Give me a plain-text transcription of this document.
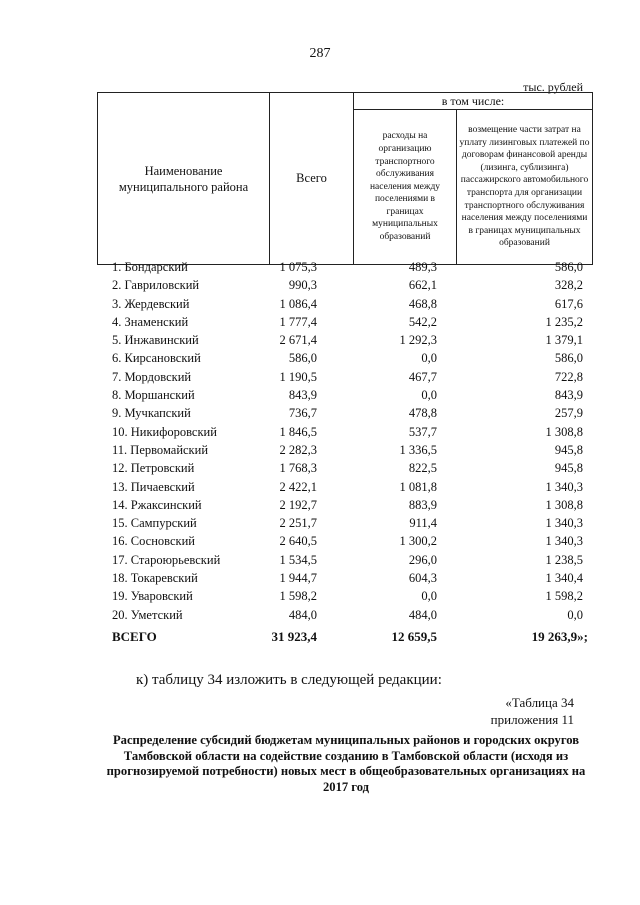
287
тыс. рублей
Наименование муниципального района	Всего	в том числе:	
		расходы на организацию транспортного обслуживания населения между поселениями в границах муниципальных образований	возмещение части затрат на уплату лизинговых платежей по договорам финансовой аренды (лизинга, сублизинга) пассажирского автомобильного транспорта для организации транспортного обслуживания населения между поселениями в границах муниципальных образований
1. Бондарский	1 075,3	489,3	586,0
2. Гавриловский	990,3	662,1	328,2
3. Жердевский	1 086,4	468,8	617,6
4. Знаменский	1 777,4	542,2	1 235,2
5. Инжавинский	2 671,4	1 292,3	1 379,1
6. Кирсановский	586,0	0,0	586,0
7. Мордовский	1 190,5	467,7	722,8
8. Моршанский	843,9	0,0	843,9
9. Мучкапский	736,7	478,8	257,9
10. Никифоровский	1 846,5	537,7	1 308,8
11. Первомайский	2 282,3	1 336,5	945,8
12. Петровский	1 768,3	822,5	945,8
13. Пичаевский	2 422,1	1 081,8	1 340,3
14. Ржаксинский	2 192,7	883,9	1 308,8
15. Сампурский	2 251,7	911,4	1 340,3
16. Сосновский	2 640,5	1 300,2	1 340,3
17. Староюрьевский	1 534,5	296,0	1 238,5
18. Токаревский	1 944,7	604,3	1 340,4
19. Уваровский	1 598,2	0,0	1 598,2
20. Уметский	484,0	484,0	0,0
ВСЕГО	31 923,4	12 659,5	19 263,9»;
к) таблицу 34 изложить в следующей редакции:
«Таблица 34
приложения 11
Распределение субсидий бюджетам муниципальных районов и городских округов Тамбовской области на содействие созданию в Тамбовской области (исходя из прогнозируемой потребности) новых мест в общеобразовательных организациях на 2017 год
